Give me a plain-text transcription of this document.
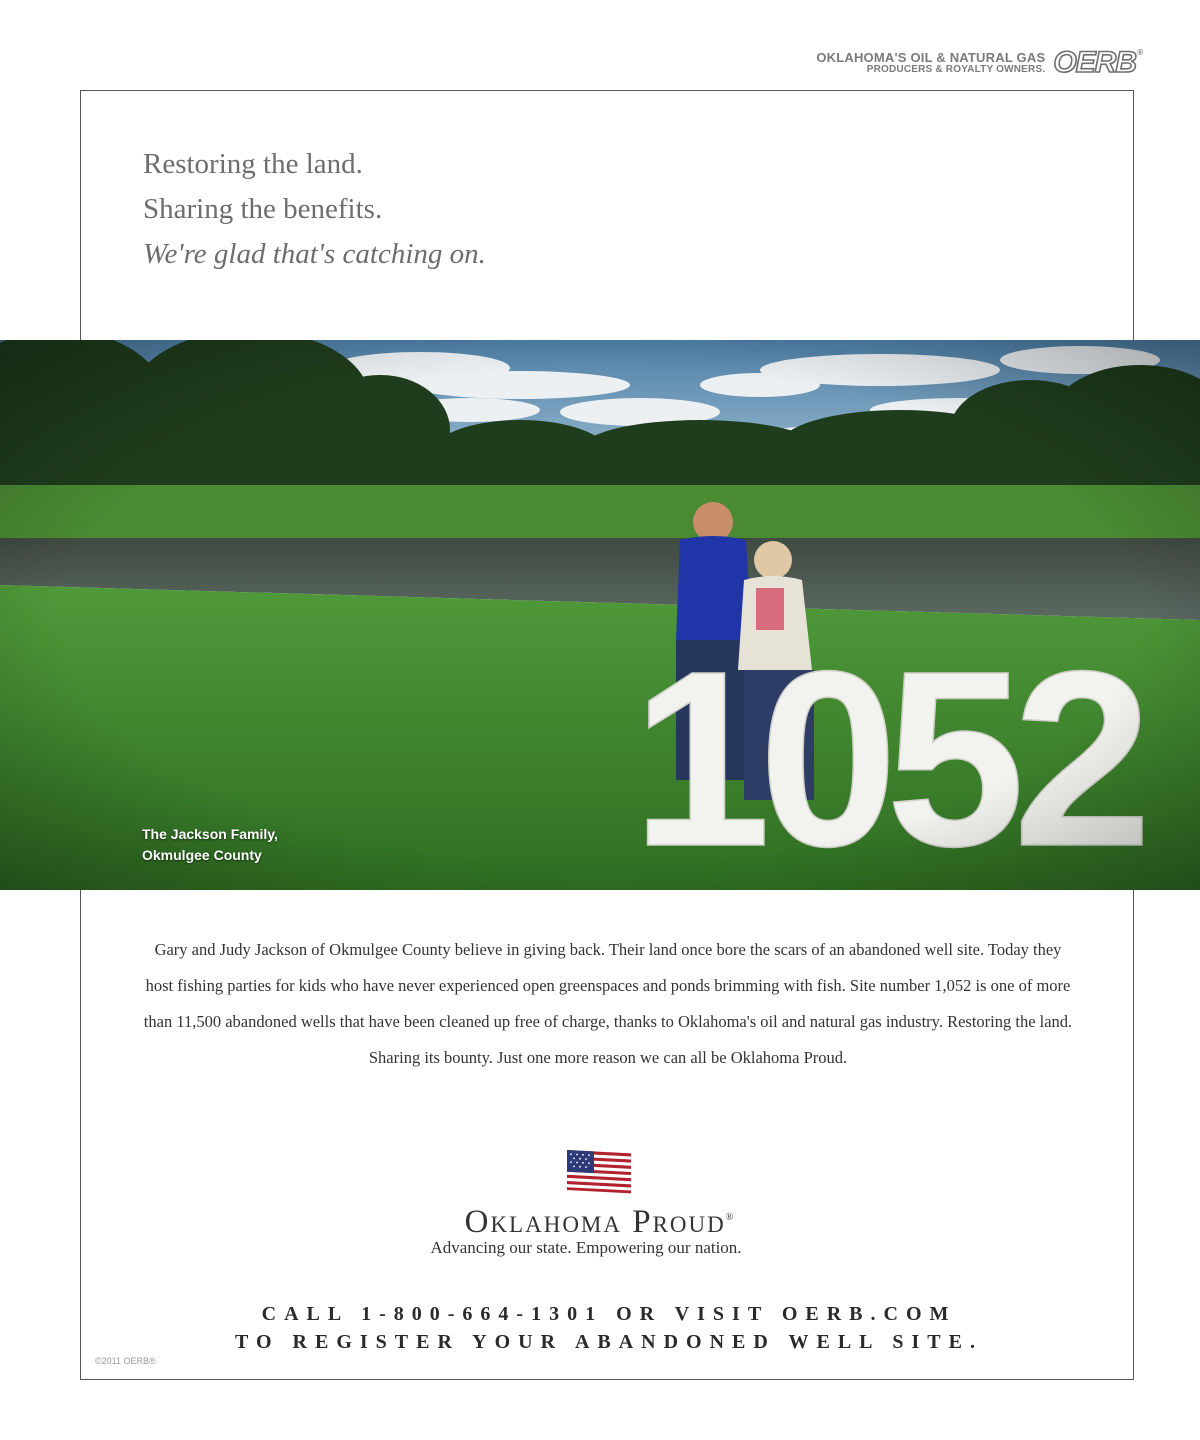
OKLAHOMA'S OIL & NATURAL GAS
PRODUCERS & ROYALTY OWNERS. OERB ®
Restoring the land.
Sharing the benefits.
We're glad that's catching on.
The Jackson Family,
Okmulgee County
Gary and Judy Jackson of Okmulgee County believe in giving back. Their land once bore the scars of an abandoned well site. Today they host fishing parties for kids who have never experienced open greenspaces and ponds brimming with fish. Site number 1,052 is one of more than 11,500 abandoned wells that have been cleaned up free of charge, thanks to Oklahoma's oil and natural gas industry. Restoring the land. Sharing its bounty. Just one more reason we can all be Oklahoma Proud.
Oklahoma Proud®
Advancing our state. Empowering our nation.
CALL 1-800-664-1301 OR VISIT OERB.COM
TO REGISTER YOUR ABANDONED WELL SITE.
©2011 OERB®
